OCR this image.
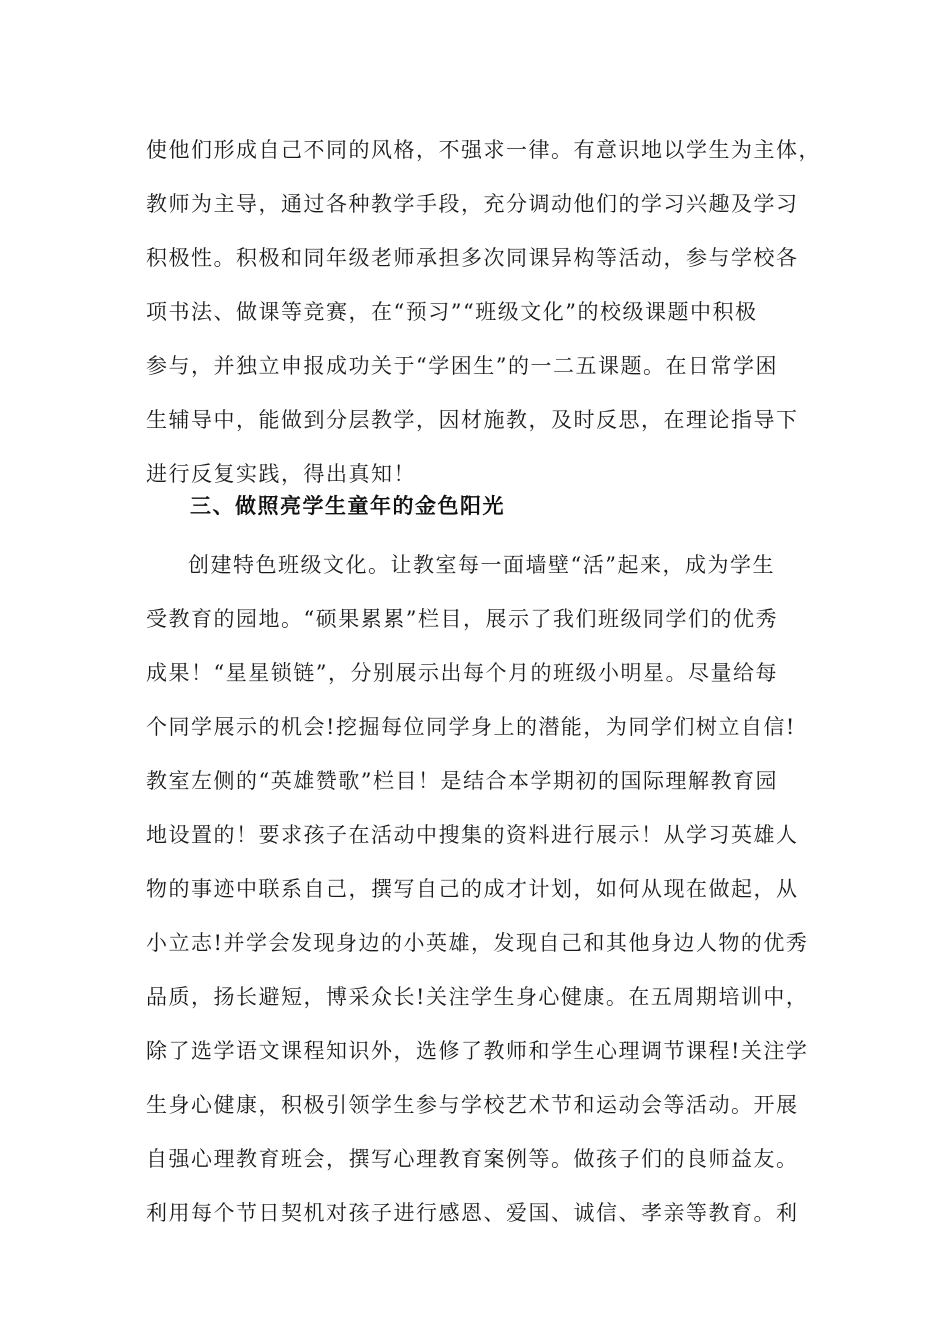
使他们形成自己不同的风格，不强求一律。有意识地以学生为主体，
教师为主导，通过各种教学手段，充分调动他们的学习兴趣及学习
积极性。积极和同年级老师承担多次同课异构等活动，参与学校各
项书法、做课等竞赛，在“预习”“班级文化”的校级课题中积极
参与，并独立申报成功关于“学困生”的一二五课题。在日常学困
生辅导中，能做到分层教学，因材施教，及时反思，在理论指导下
进行反复实践，得出真知！
三、做照亮学生童年的金色阳光
创建特色班级文化。让教室每一面墙壁“活”起来，成为学生
受教育的园地。“硕果累累”栏目，展示了我们班级同学们的优秀
成果！“星星锁链”，分别展示出每个月的班级小明星。尽量给每
个同学展示的机会!挖掘每位同学身上的潜能，为同学们树立自信!
教室左侧的“英雄赞歌”栏目！是结合本学期初的国际理解教育园
地设置的！要求孩子在活动中搜集的资料进行展示！从学习英雄人
物的事迹中联系自己，撰写自己的成才计划，如何从现在做起，从
小立志!并学会发现身边的小英雄，发现自己和其他身边人物的优秀
品质，扬长避短，博采众长!关注学生身心健康。在五周期培训中，
除了选学语文课程知识外，选修了教师和学生心理调节课程!关注学
生身心健康，积极引领学生参与学校艺术节和运动会等活动。开展
自强心理教育班会，撰写心理教育案例等。做孩子们的良师益友。
利用每个节日契机对孩子进行感恩、爱国、诚信、孝亲等教育。利
